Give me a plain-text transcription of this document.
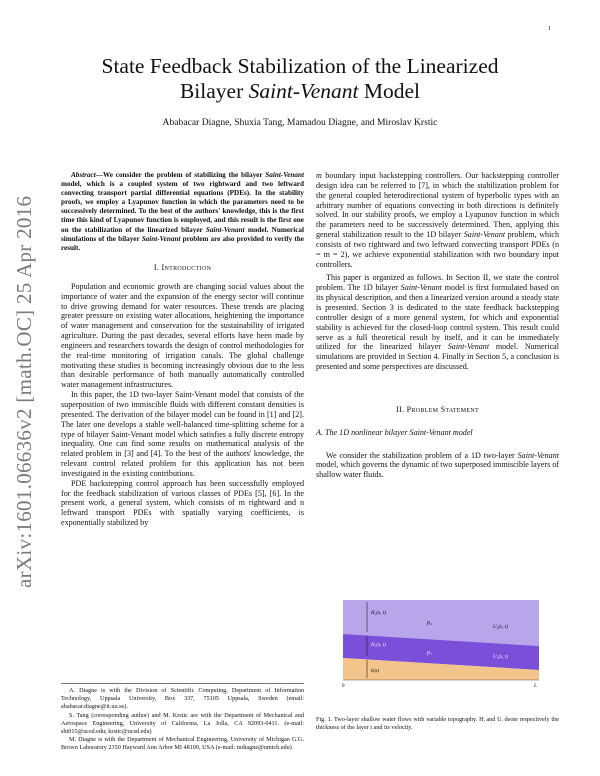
1
arXiv:1601.06636v2 [math.OC] 25 Apr 2016
State Feedback Stabilization of the Linearized
Bilayer Saint-Venant Model
Ababacar Diagne, Shuxia Tang, Mamadou Diagne, and Miroslav Krstic

Abstract—We consider the problem of stabilizing the bilayer Saint-Venant model, which is a coupled system of two rightward and two leftward convecting transport partial differential equations (PDEs). In the stability proofs, we employ a Lyapunov function in which the parameters need to be successively determined. To the best of the authors' knowledge, this is the first time this kind of Lyapunov function is employed, and this result is the first one on the stabilization of the linearized bilayer Saint-Venant model. Numerical simulations of the bilayer Saint-Venant problem are also provided to verify the result.

I. Introduction

Population and economic growth are changing social values about the importance of water and the expansion of the energy sector will continue to drive growing demand for water resources. These trends are placing greater pressure on existing water allocations, heightening the importance of water management and conservation for the sustainability of irrigated agriculture. During the past decades, several efforts have been made by engineers and researchers towards the design of control methodologies for the real-time monitoring of irrigation canals. The global challenge motivating these studies is becoming increasingly obvious due to the less than desirable performance of both manually automatically controlled water management infrastructures.

In this paper, the 1D two-layer Saint-Venant model that consists of the superposition of two immiscible fluids with different constant densities is presented. The derivation of the bilayer model can be found in [1] and [2]. The later one develops a stable well-balanced time-splitting scheme for a type of bilayer Saint-Venant model which satisfies a fully discrete entropy inequality. One can find some results on mathematical analysis of the related problem in [3] and [4]. To the best of the authors' knowledge, the relevant control related problem for this application has not been investigated in the existing contributions.

PDE backstepping control approach has been successfully employed for the feedback stabilization of various classes of PDEs [5], [6]. In the present work, a general system, which consists of m rightward and n leftward transport PDEs with spatially varying coefficients, is exponentially stabilized by

A. Diagne is with the Division of Scientific Computing, Department of Information Technology, Uppsala University, Box 337, 75105 Uppsala, Sweden (email: ababacar.diagne@it.uu.se).
S. Tang (corresponding author) and M. Krstic are with the Department of Mechanical and Aerospace Engineering, University of California, La Jolla, CA 92093-0411. (e-mail: sht015@ucsd.edu; krstic@ucsd.edu)
M. Diagne is with the Department of Mechanical Engineering, University of Michigan G.G. Brown Laboratory 2350 Hayward Ann Arbor MI 48109, USA (e-mail: mdiagne@umich.edu)

m boundary input backstepping controllers. Our backstepping controller design idea can be referred to [7], in which the stabilization problem for the general coupled heterodirectional system of hyperbolic types with an arbitrary number of equations convecting in both directions is definitely solved. In our stability proofs, we employ a Lyapunov function in which the parameters need to be successively determined. Then, applying this general stabilization result to the 1D bilayer Saint-Venant problem, which consists of two rightward and two leftward convecting transport PDEs (n = m = 2), we achieve exponential stabilization with two boundary input controllers.

This paper is organized as follows. In Section II, we state the control problem. The 1D bilayer Saint-Venant model is first formulated based on its physical description, and then a linearized version around a steady state is presented. Section 3 is dedicated to the state feedback backstepping controller design of a more general system, for which and exponential stability is achieved for the closed-loop control system. This result could serve as a full theoretical result by itself, and it can be immediately utilized for the linearized bilayer Saint-Venant model. Numerical simulations are provided in Section 4. Finally in Section 5, a conclusion is presented and some perspectives are discussed.

II. Problem Statement
A. The 1D nonlinear bilayer Saint-Venant model

We consider the stabilization problem of a 1D two-layer Saint-Venant model, which governs the dynamic of two superposed immiscible layers of shallow water fluids.

H₂(x, t)
ρ₂
U₂(x, t)
H₁(x, t)
ρ₁
U₁(x, t)
b(x)
0	L
Fig. 1. Two-layer shallow water flows with variable topography. Hᵢ and Uᵢ deote respectively the thickness of the layer i and its velocity.
